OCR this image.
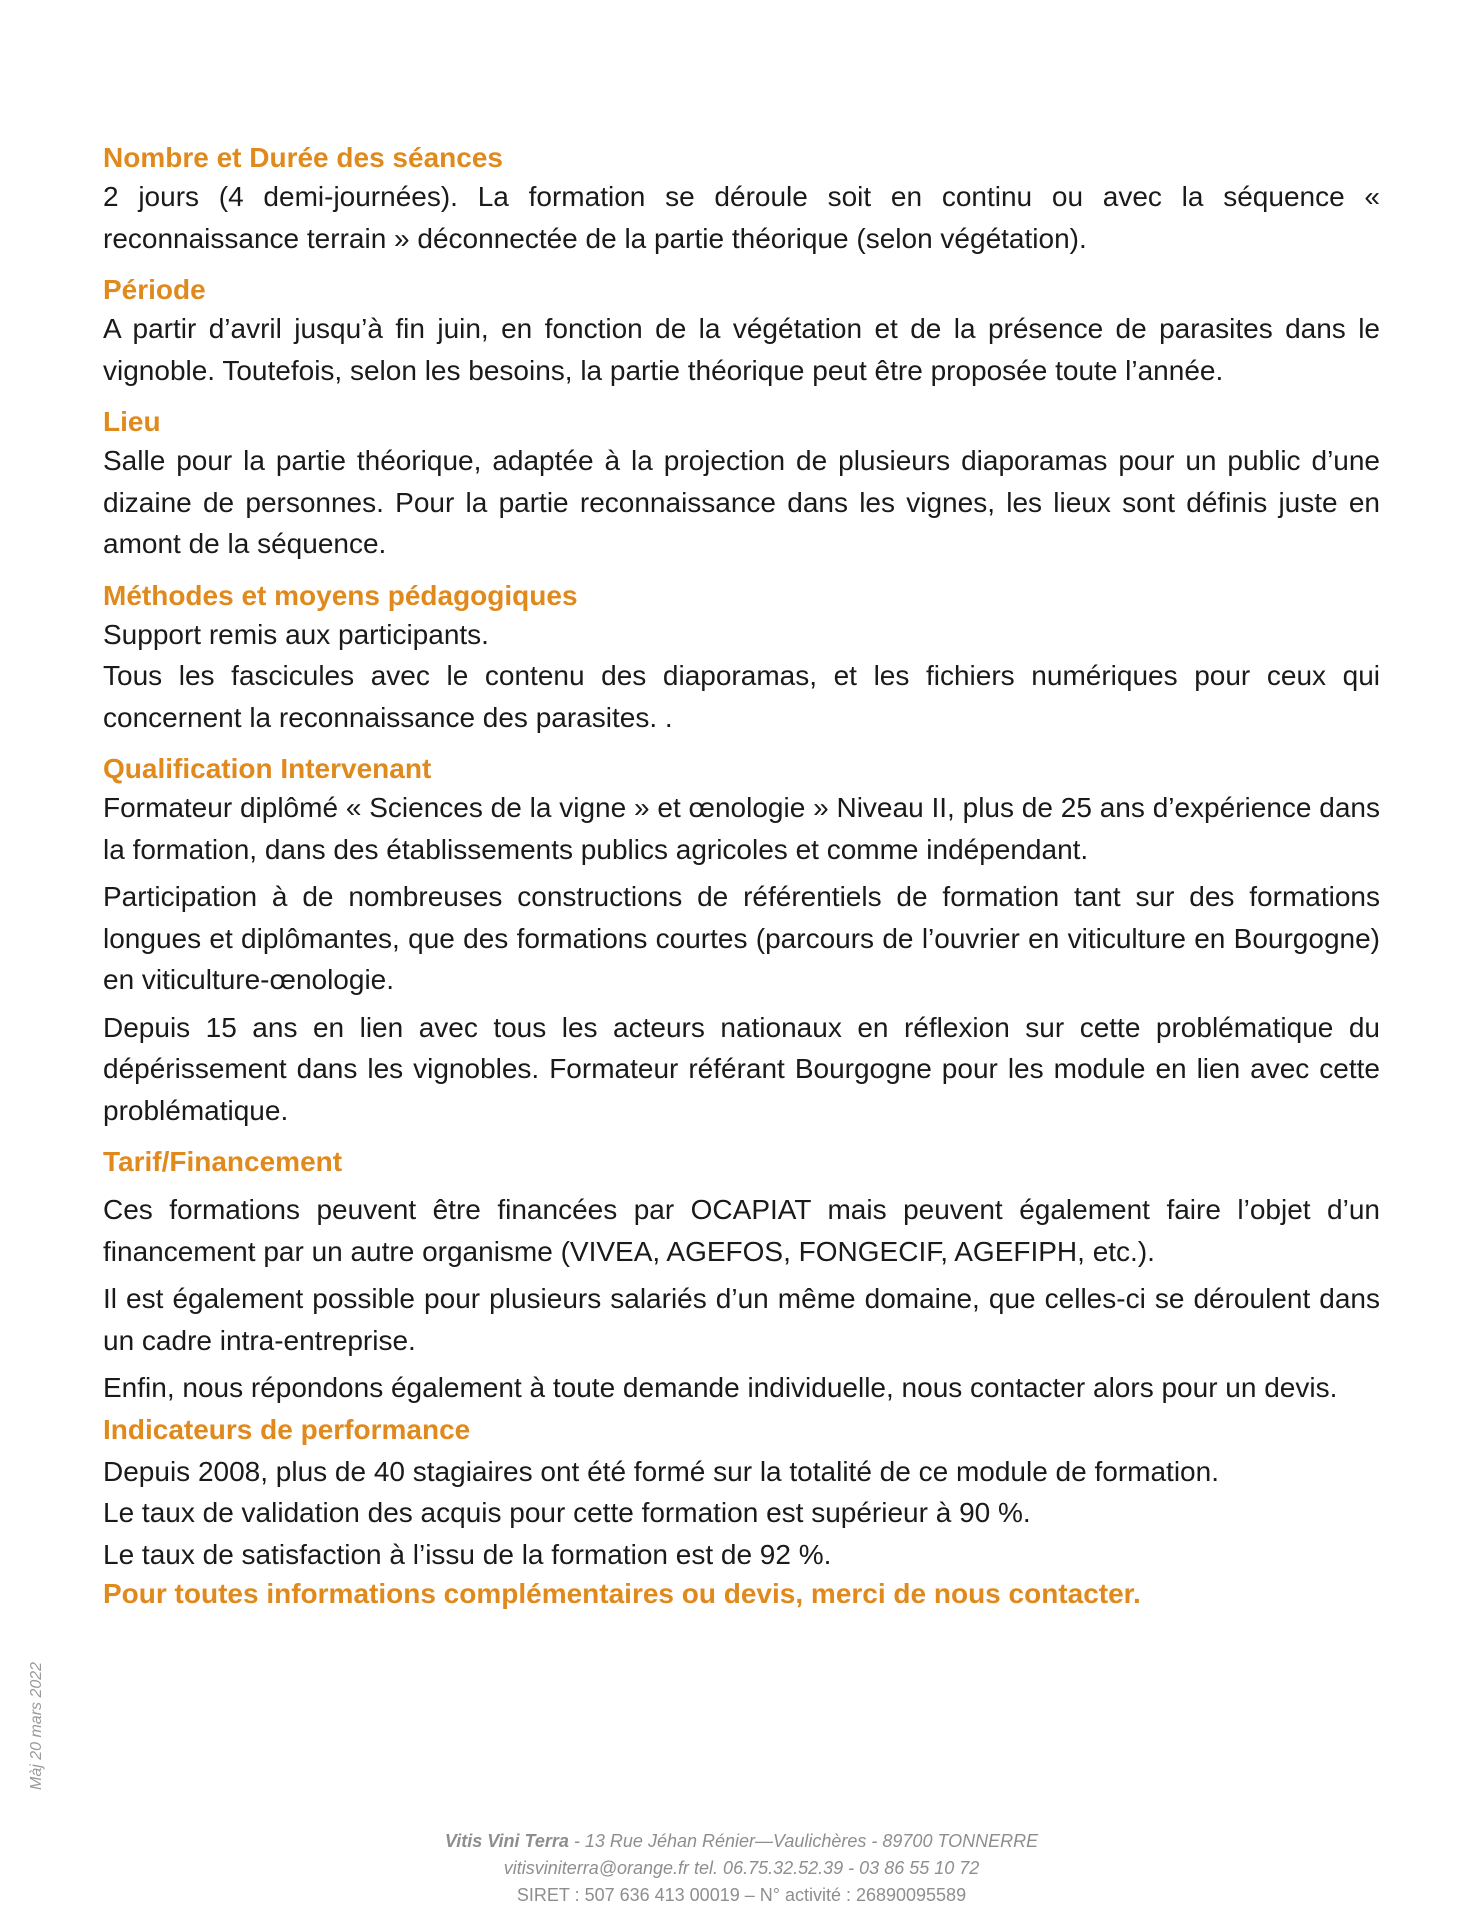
Màj 20 mars 2022
Nombre et Durée des séances

2 jours (4 demi-journées). La formation se déroule soit en continu ou avec la séquence « reconnaissance terrain » déconnectée de la partie théorique (selon végétation).

Période

A partir d’avril jusqu’à fin juin, en fonction de la végétation et de la présence de parasites dans le vignoble. Toutefois, selon les besoins, la partie théorique peut être proposée toute l’année.

Lieu

Salle pour la partie théorique, adaptée à la projection de plusieurs diaporamas pour un public d’une dizaine de personnes. Pour la partie reconnaissance dans les vignes, les lieux sont définis juste en amont de la séquence.

Méthodes et moyens pédagogiques

Support remis aux participants.

Tous les fascicules avec le contenu des diaporamas, et les fichiers numériques pour ceux qui concernent la reconnaissance des parasites. .

Qualification Intervenant

Formateur diplômé « Sciences de la vigne » et œnologie » Niveau II, plus de 25 ans d’expérience dans la formation, dans des établissements publics agricoles et comme indépendant.

Participation à de nombreuses constructions de référentiels de formation tant sur des formations longues et diplômantes, que des formations courtes (parcours de l’ouvrier en viticulture en Bourgogne) en viticulture-œnologie.

Depuis 15 ans en lien avec tous les acteurs nationaux en réflexion sur cette problématique du dépérissement dans les vignobles. Formateur référant Bourgogne pour les module en lien avec cette problématique.

Tarif/Financement

Ces formations peuvent être financées par OCAPIAT mais peuvent également faire l’objet d’un financement par un autre organisme (VIVEA, AGEFOS, FONGECIF, AGEFIPH, etc.).

Il est également possible pour plusieurs salariés d’un même domaine, que celles-ci se déroulent dans un cadre intra-entreprise.

Enfin, nous répondons également à toute demande individuelle, nous contacter alors pour un devis.

Indicateurs de performance

Depuis 2008, plus de 40 stagiaires ont été formé sur la totalité de ce module de formation.

Le taux de validation des acquis pour cette formation est supérieur à 90 %.

Le taux de satisfaction à l’issu de la formation est de 92 %.

Pour toutes informations complémentaires ou devis, merci de nous contacter.

Vitis Vini Terra - 13 Rue Jéhan Rénier—Vaulichères - 89700 TONNERRE
vitisviniterra@orange.fr tel. 06.75.32.52.39 - 03 86 55 10 72
SIRET : 507 636 413 00019 – N° activité : 26890095589
